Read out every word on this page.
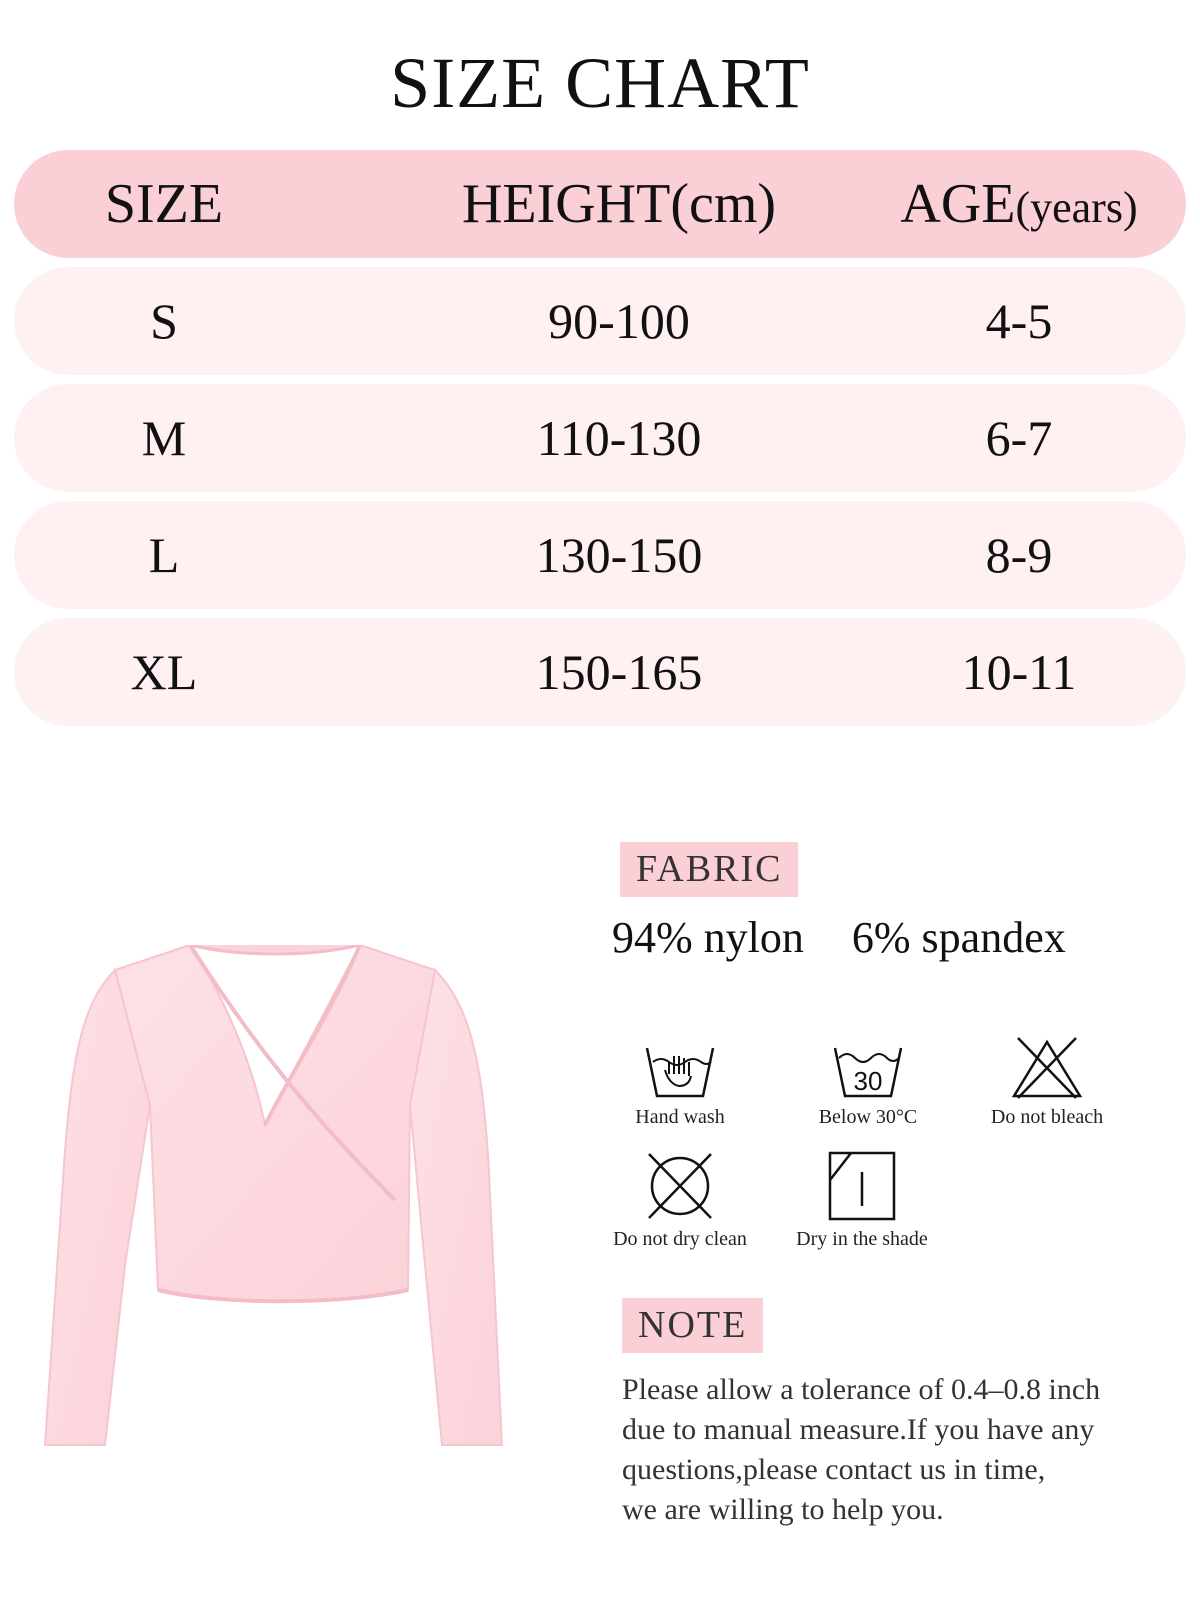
SIZE CHART
SIZE	HEIGHT(cm)	AGE(years)
S	90-100	4-5
M	110-130	6-7
L	130-150	8-9
XL	150-165	10-11
FABRIC
94% nylon 6% spandex
Hand wash
30
Below 30°C	Do not bleach
Do not dry clean	Dry in the shade
NOTE
Please allow a tolerance of 0.4–0.8 inch
due to manual measure.If you have any
questions,please contact us in time,
we are willing to help you.
